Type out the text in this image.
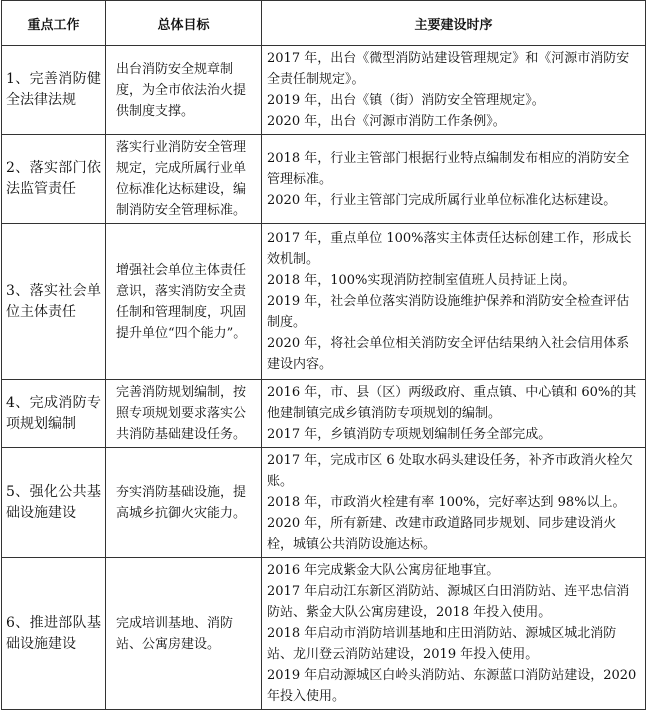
重点工作	总体目标	主要建设时序
1、完善消防健全法律法规	出台消防安全规章制度，为全市依法治火提供制度支撑。	2017 年，出台《微型消防站建设管理规定》和《河源市消防安全责任制规定》。
2019 年，出台《镇（街）消防安全管理规定》。
2020 年，出台《河源市消防工作条例》。

2、落实部门依法监管责任	落实行业消防安全管理规定，完成所属行业单位标准化达标建设，编制消防安全管理标准。	2018 年，行业主管部门根据行业特点编制发布相应的消防安全管理标准。
2020 年，行业主管部门完成所属行业单位标准化达标建设。

3、落实社会单位主体责任	增强社会单位主体责任意识，落实消防安全责任制和管理制度，巩固提升单位“四个能力”。	2017 年，重点单位 100%落实主体责任达标创建工作，形成长效机制。
2018 年，100%实现消防控制室值班人员持证上岗。
2019 年，社会单位落实消防设施维护保养和消防安全检查评估制度。
2020 年，将社会单位相关消防安全评估结果纳入社会信用体系建设内容。

4、完成消防专项规划编制	完善消防规划编制，按照专项规划要求落实公共消防基础建设任务。	2016 年，市、县（区）两级政府、重点镇、中心镇和 60%的其他建制镇完成乡镇消防专项规划的编制。
2017 年，乡镇消防专项规划编制任务全部完成。

5、强化公共基础设施建设	夯实消防基础设施，提高城乡抗御火灾能力。	2017 年，完成市区 6 处取水码头建设任务，补齐市政消火栓欠账。
2018 年，市政消火栓建有率 100%，完好率达到 98%以上。
2020 年，所有新建、改建市政道路同步规划、同步建设消火栓，城镇公共消防设施达标。

6、推进部队基础设施建设	完成培训基地、消防站、公寓房建设。	2016 年完成紫金大队公寓房征地事宜。
2017 年启动江东新区消防站、源城区白田消防站、连平忠信消防站、紫金大队公寓房建设，2018 年投入使用。
2018 年启动市消防培训基地和庄田消防站、源城区城北消防站、龙川登云消防站建设，2019 年投入使用。
2019 年启动源城区白岭头消防站、东源蓝口消防站建设，2020 年投入使用。
